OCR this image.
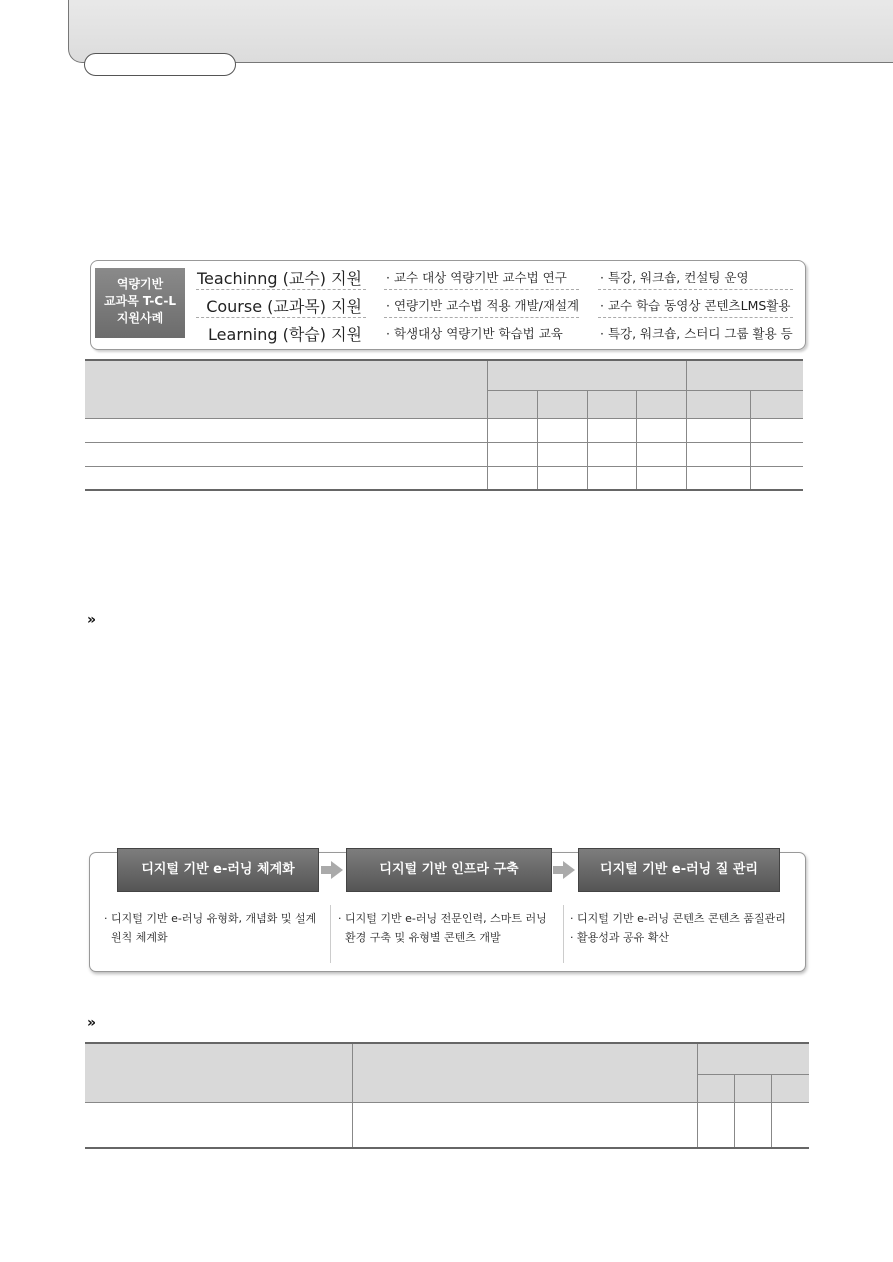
역량기반
교과목 T-C-L
지원사례
Teachinng (교수) 지원 · 교수 대상 역량기반 교수법 연구	· 특강, 워크숍, 컨설팅 운영
Course (교과목) 지원 · 연량기반 교수법 적용 개발/재설계 · 교수 학습 동영상 콘텐츠LMS활용
Learning (학습) 지원 · 학생대상 역량기반 학습법 교육	· 특강, 워크숍, 스터디 그룹 활용 등

»
디지털 기반 e-러닝 체계화	디지털 기반 인프라 구축	디지털 기반 e-러닝 질 관리
· 디지털 기반 e-러닝 유형화, 개념화 및 설계
원칙 체계화
· 디지털 기반 e-러닝 전문인력, 스마트 러닝
환경 구축 및 유형별 콘텐츠 개발
· 디지털 기반 e-러닝 콘텐츠 콘텐츠 품질관리
· 활용성과 공유 확산
»
